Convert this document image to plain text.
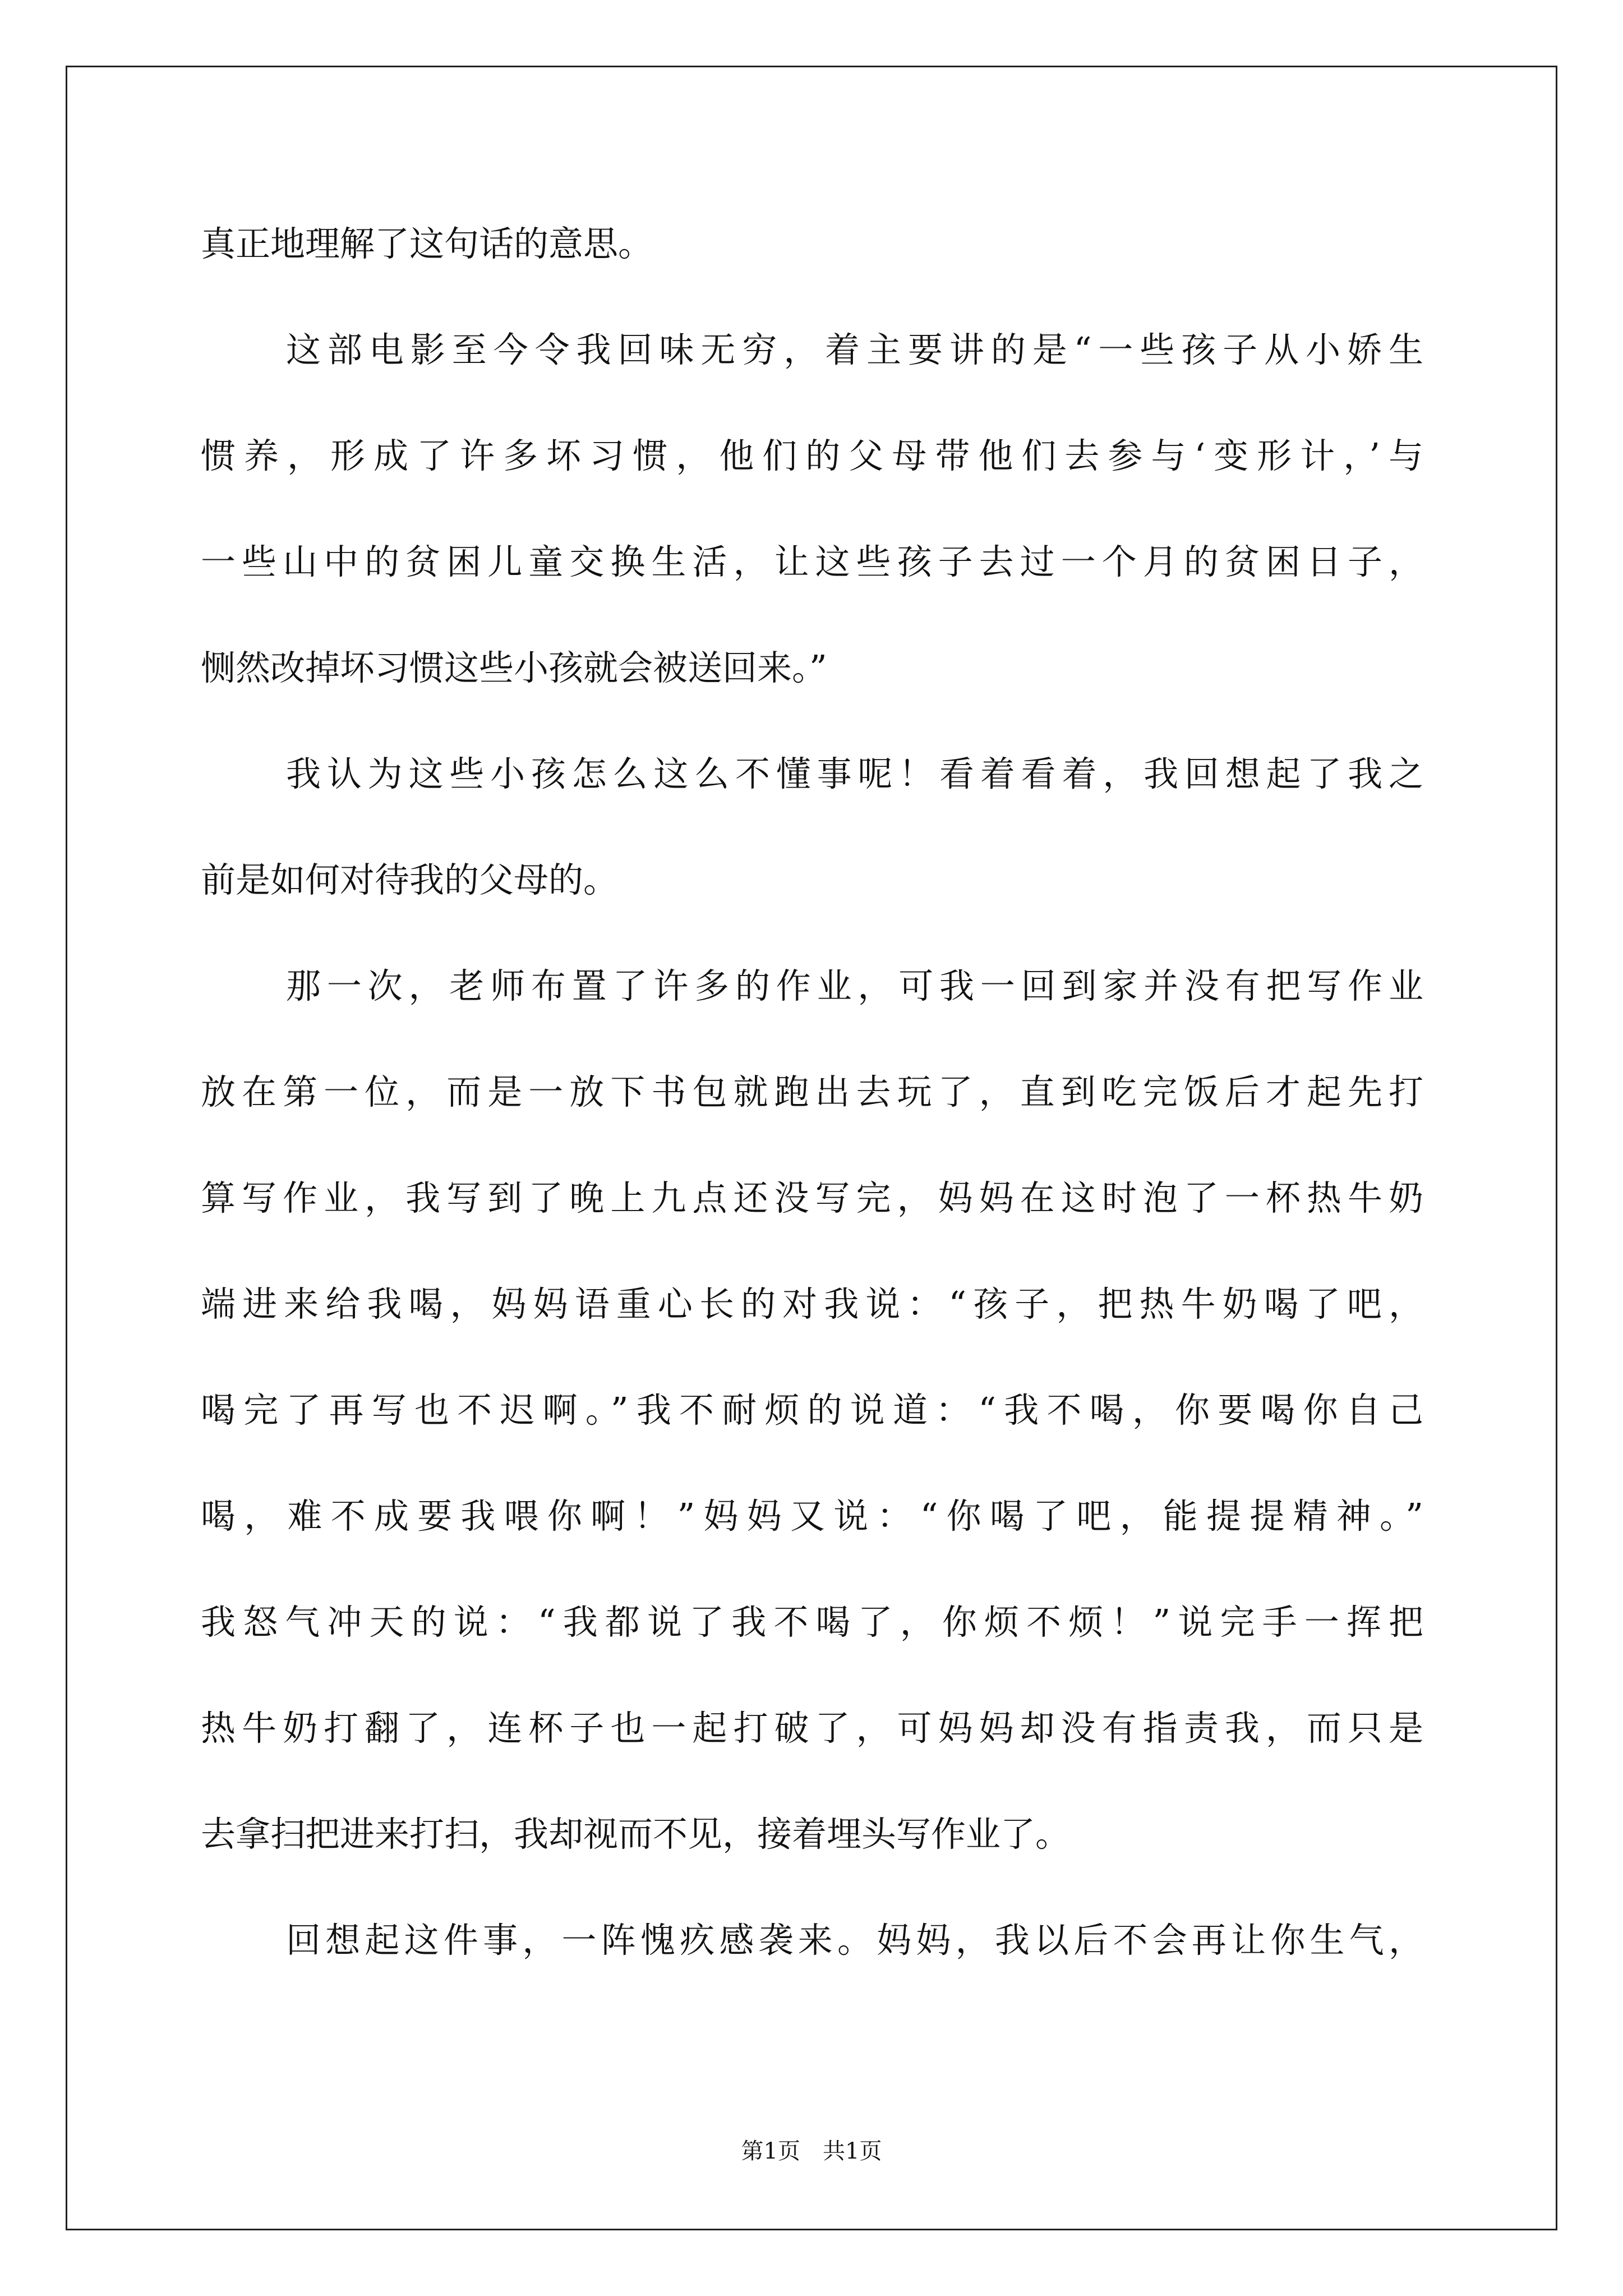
真正地理解了这句话的意思。
这部电影至今令我回味无穷，着主要讲的是“一些孩子从小娇生
惯养，形成了许多坏习惯，他们的父母带他们去参与‘变形计，’与
一些山中的贫困儿童交换生活，让这些孩子去过一个月的贫困日子，
恻然改掉坏习惯这些小孩就会被送回来。”
我认为这些小孩怎么这么不懂事呢！看着看着，我回想起了我之
前是如何对待我的父母的。
那一次，老师布置了许多的作业，可我一回到家并没有把写作业
放在第一位，而是一放下书包就跑出去玩了，直到吃完饭后才起先打
算写作业，我写到了晚上九点还没写完，妈妈在这时泡了一杯热牛奶
端进来给我喝，妈妈语重心长的对我说：“孩子，把热牛奶喝了吧，
喝完了再写也不迟啊。”我不耐烦的说道：“我不喝，你要喝你自己
喝，难不成要我喂你啊！”妈妈又说：“你喝了吧，能提提精神。”
我怒气冲天的说：“我都说了我不喝了，你烦不烦！”说完手一挥把
热牛奶打翻了，连杯子也一起打破了，可妈妈却没有指责我，而只是
去拿扫把进来打扫，我却视而不见，接着埋头写作业了。
回想起这件事，一阵愧疚感袭来。妈妈，我以后不会再让你生气，
第1页 共1页
